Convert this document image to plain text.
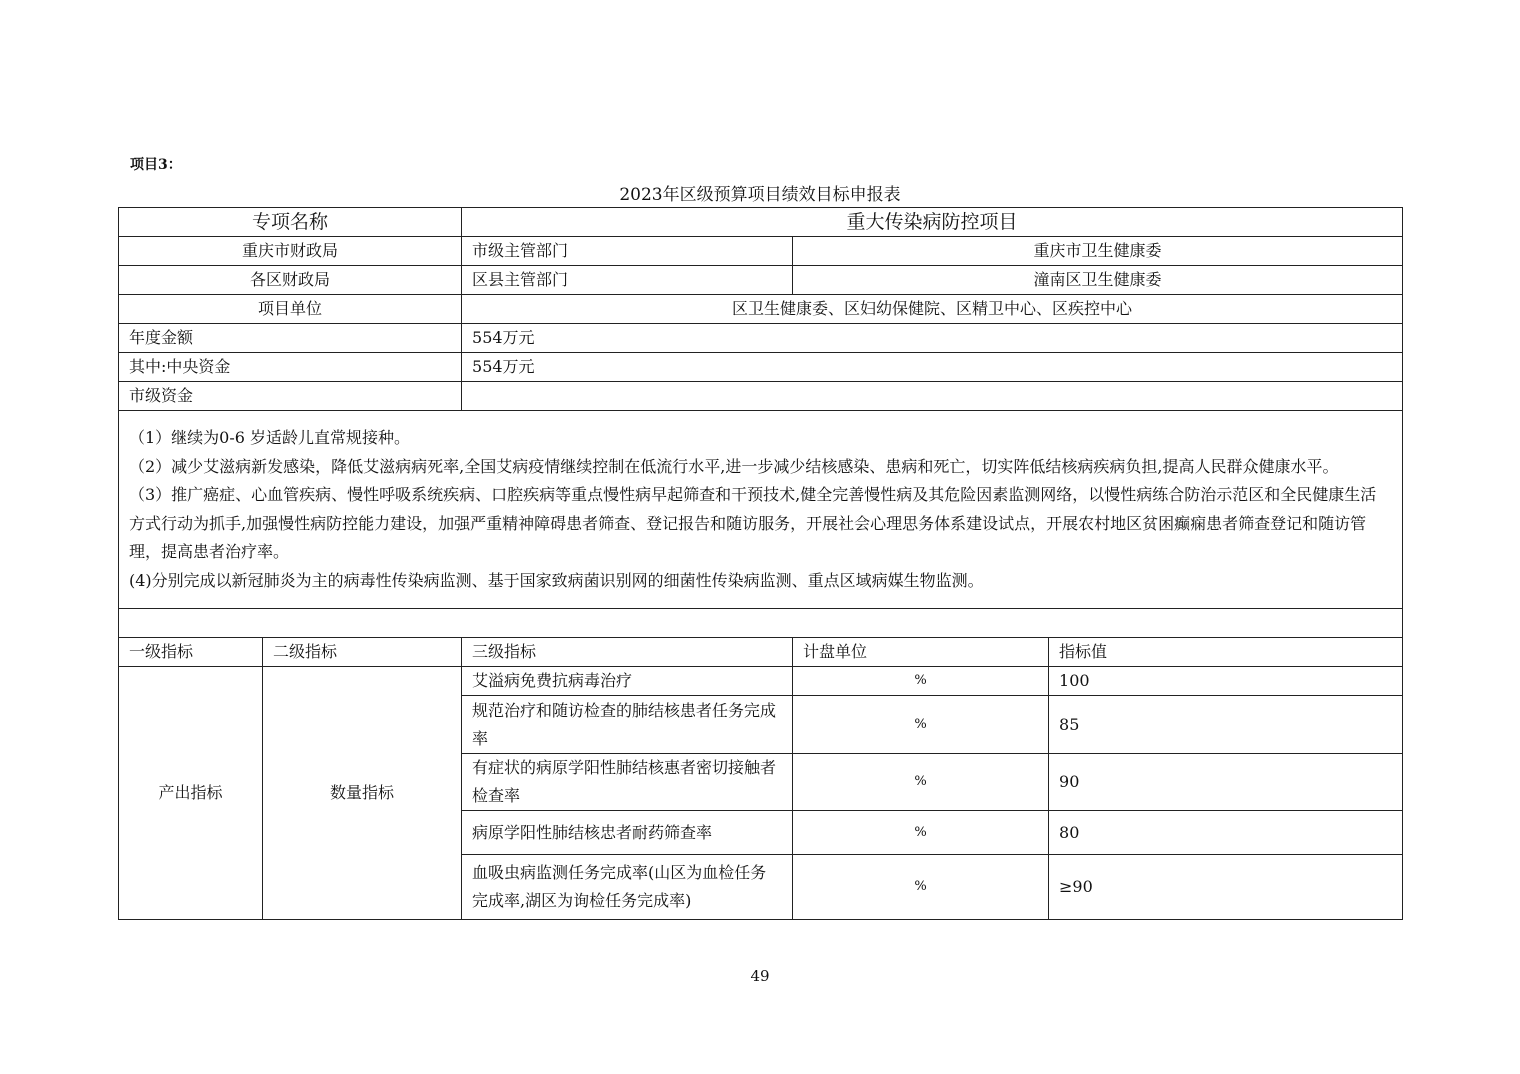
项目3：
2023年区级预算项目绩效目标申报表
专项名称		重大传染病防控项目		
重庆市财政局		市级主管部门	重庆市卫生健康委	
各区财政局		区县主管部门	潼南区卫生健康委	
项目单位		区卫生健康委、区妇幼保健院、区精卫中心、区疾控中心		
年度金额		554万元		
其中:中央资金		554万元		
市级资金				

（1）继续为0-6 岁适龄儿直常规接种。

（2）减少艾滋病新发感染，降低艾滋病病死率,全国艾病疫情继续控制在低流行水平,进一步减少结核感染、患病和死亡，切实阵低结核病疾病负担,提高人民群众健康水平。

（3）推广癌症、心血管疾病、慢性呼吸系统疾病、口腔疾病等重点慢性病早起筛查和干预技术,健全完善慢性病及其危险因素监测网络，以慢性病练合防治示范区和全民健康生活方式行动为抓手,加强慢性病防控能力建设，加强严重精神障碍患者筛查、登记报告和随访服务，开展社会心理思务体系建设试点，开展农村地区贫困癫痫患者筛查登记和随访管理，提高患者治疗率。

(4)分别完成以新冠肺炎为主的病毒性传染病监测、基于国家致病菌识别网的细菌性传染病监测、重点区域病媒生物监测。				

一级指标	二级指标	三级指标	计盘单位	指标值
产出指标	数量指标	艾溢病免费抗病毒治疗	%	100
		规范治疗和随访检查的肺结核患者任务完成率	%	85
		有症状的病原学阳性肺结核惠者密切接触者检查率	%	90
		病原学阳性肺结核忠者耐药筛查率	%	80
		血吸虫病监测任务完成率(山区为血检任务完成率,湖区为询检任务完成率)	%	≥90
49
